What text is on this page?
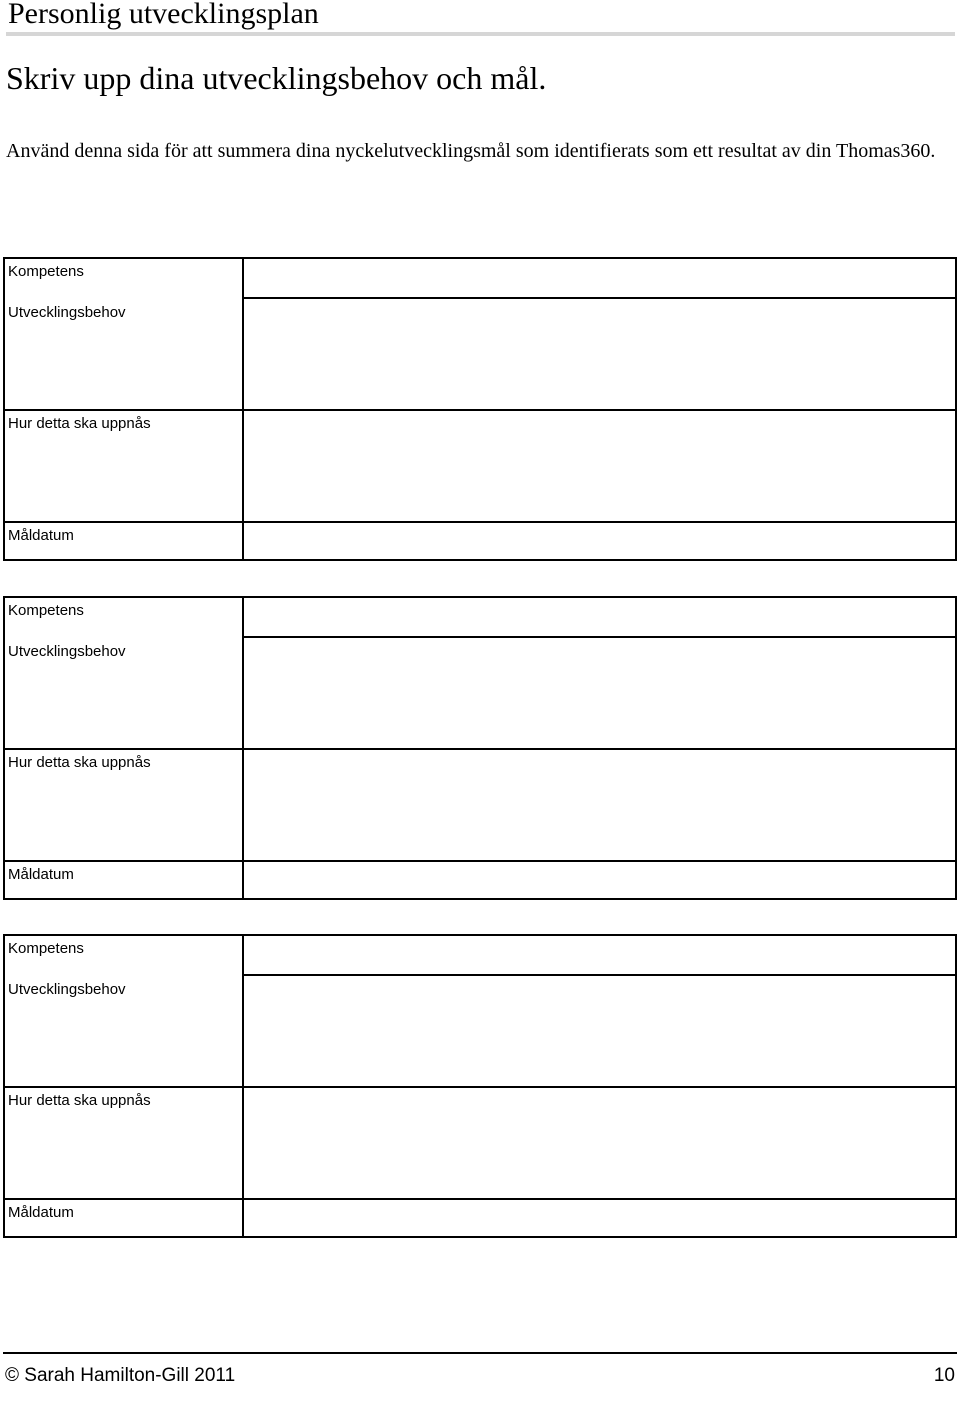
Personlig utvecklingsplan
Skriv upp dina utvecklingsbehov och mål.
Använd denna sida för att summera dina nyckelutvecklingsmål som identifierats som ett resultat av din Thomas360.
Kompetens
Utvecklingsbehov
Hur detta ska uppnås
Måldatum
Kompetens
Utvecklingsbehov
Hur detta ska uppnås
Måldatum
Kompetens
Utvecklingsbehov
Hur detta ska uppnås
Måldatum
© Sarah Hamilton-Gill 2011	10
